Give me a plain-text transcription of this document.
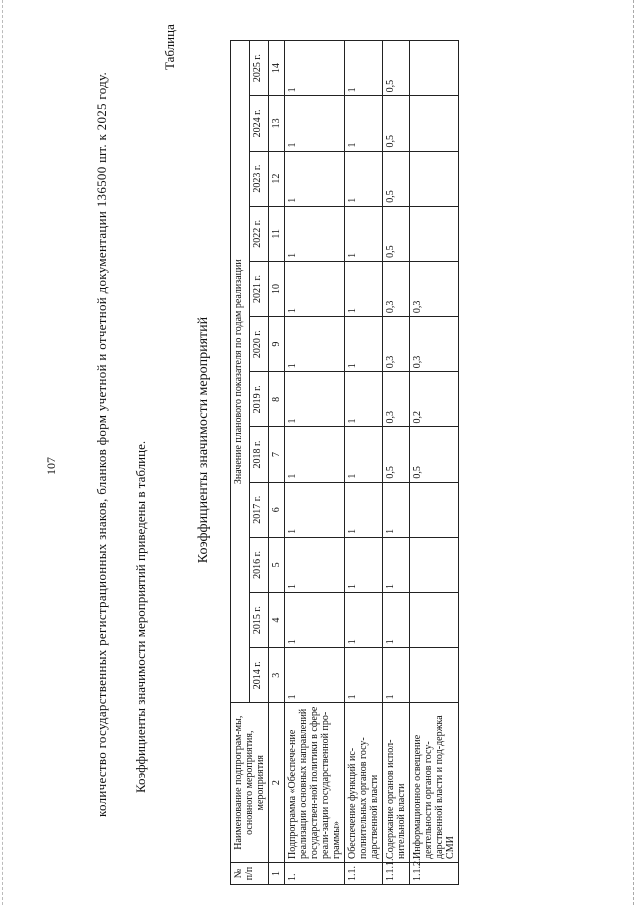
107	количество государственных регистрационных знаков, бланков форм учетной и отчетной документации 136500 шт. к 2025 году. Коэффициенты значимости мероприятий приведены в таблице.
Таблица
Коэффициенты значимости мероприятий
№ п/п	Наименование подпрограм-мы, основного мероприятия, мероприятия	Значение планового показателя по годам реализации											
		2014 г.	2015 г.	2016 г.	2017 г.	2018 г.	2019 г.	2020 г.	2021 г.	2022 г.	2023 г.	2024 г.	2025 г.
1	2	3	4	5	6	7	8	9	10	11	12	13	14
1.	Подпрограмма «Обеспече-ние реализации основных направлений государствен-ной политики в сфере реали-зации государственной про-граммы»	1	1	1	1	1	1	1	1	1	1	1	1
1.1.	Обеспечение функций ис-полнительных органов госу-дарственной власти	1	1	1	1	1	1	1	1	1	1	1	1
1.1.1.	Содержание органов испол-нительной власти	1	1	1	1	0,5	0,3	0,3	0,3	0,5	0,5	0,5	0,5
1.1.2.	Информационное освещение деятельности органов госу-дарственной власти и под-держка СМИ					0,5	0,2	0,3	0,3				
